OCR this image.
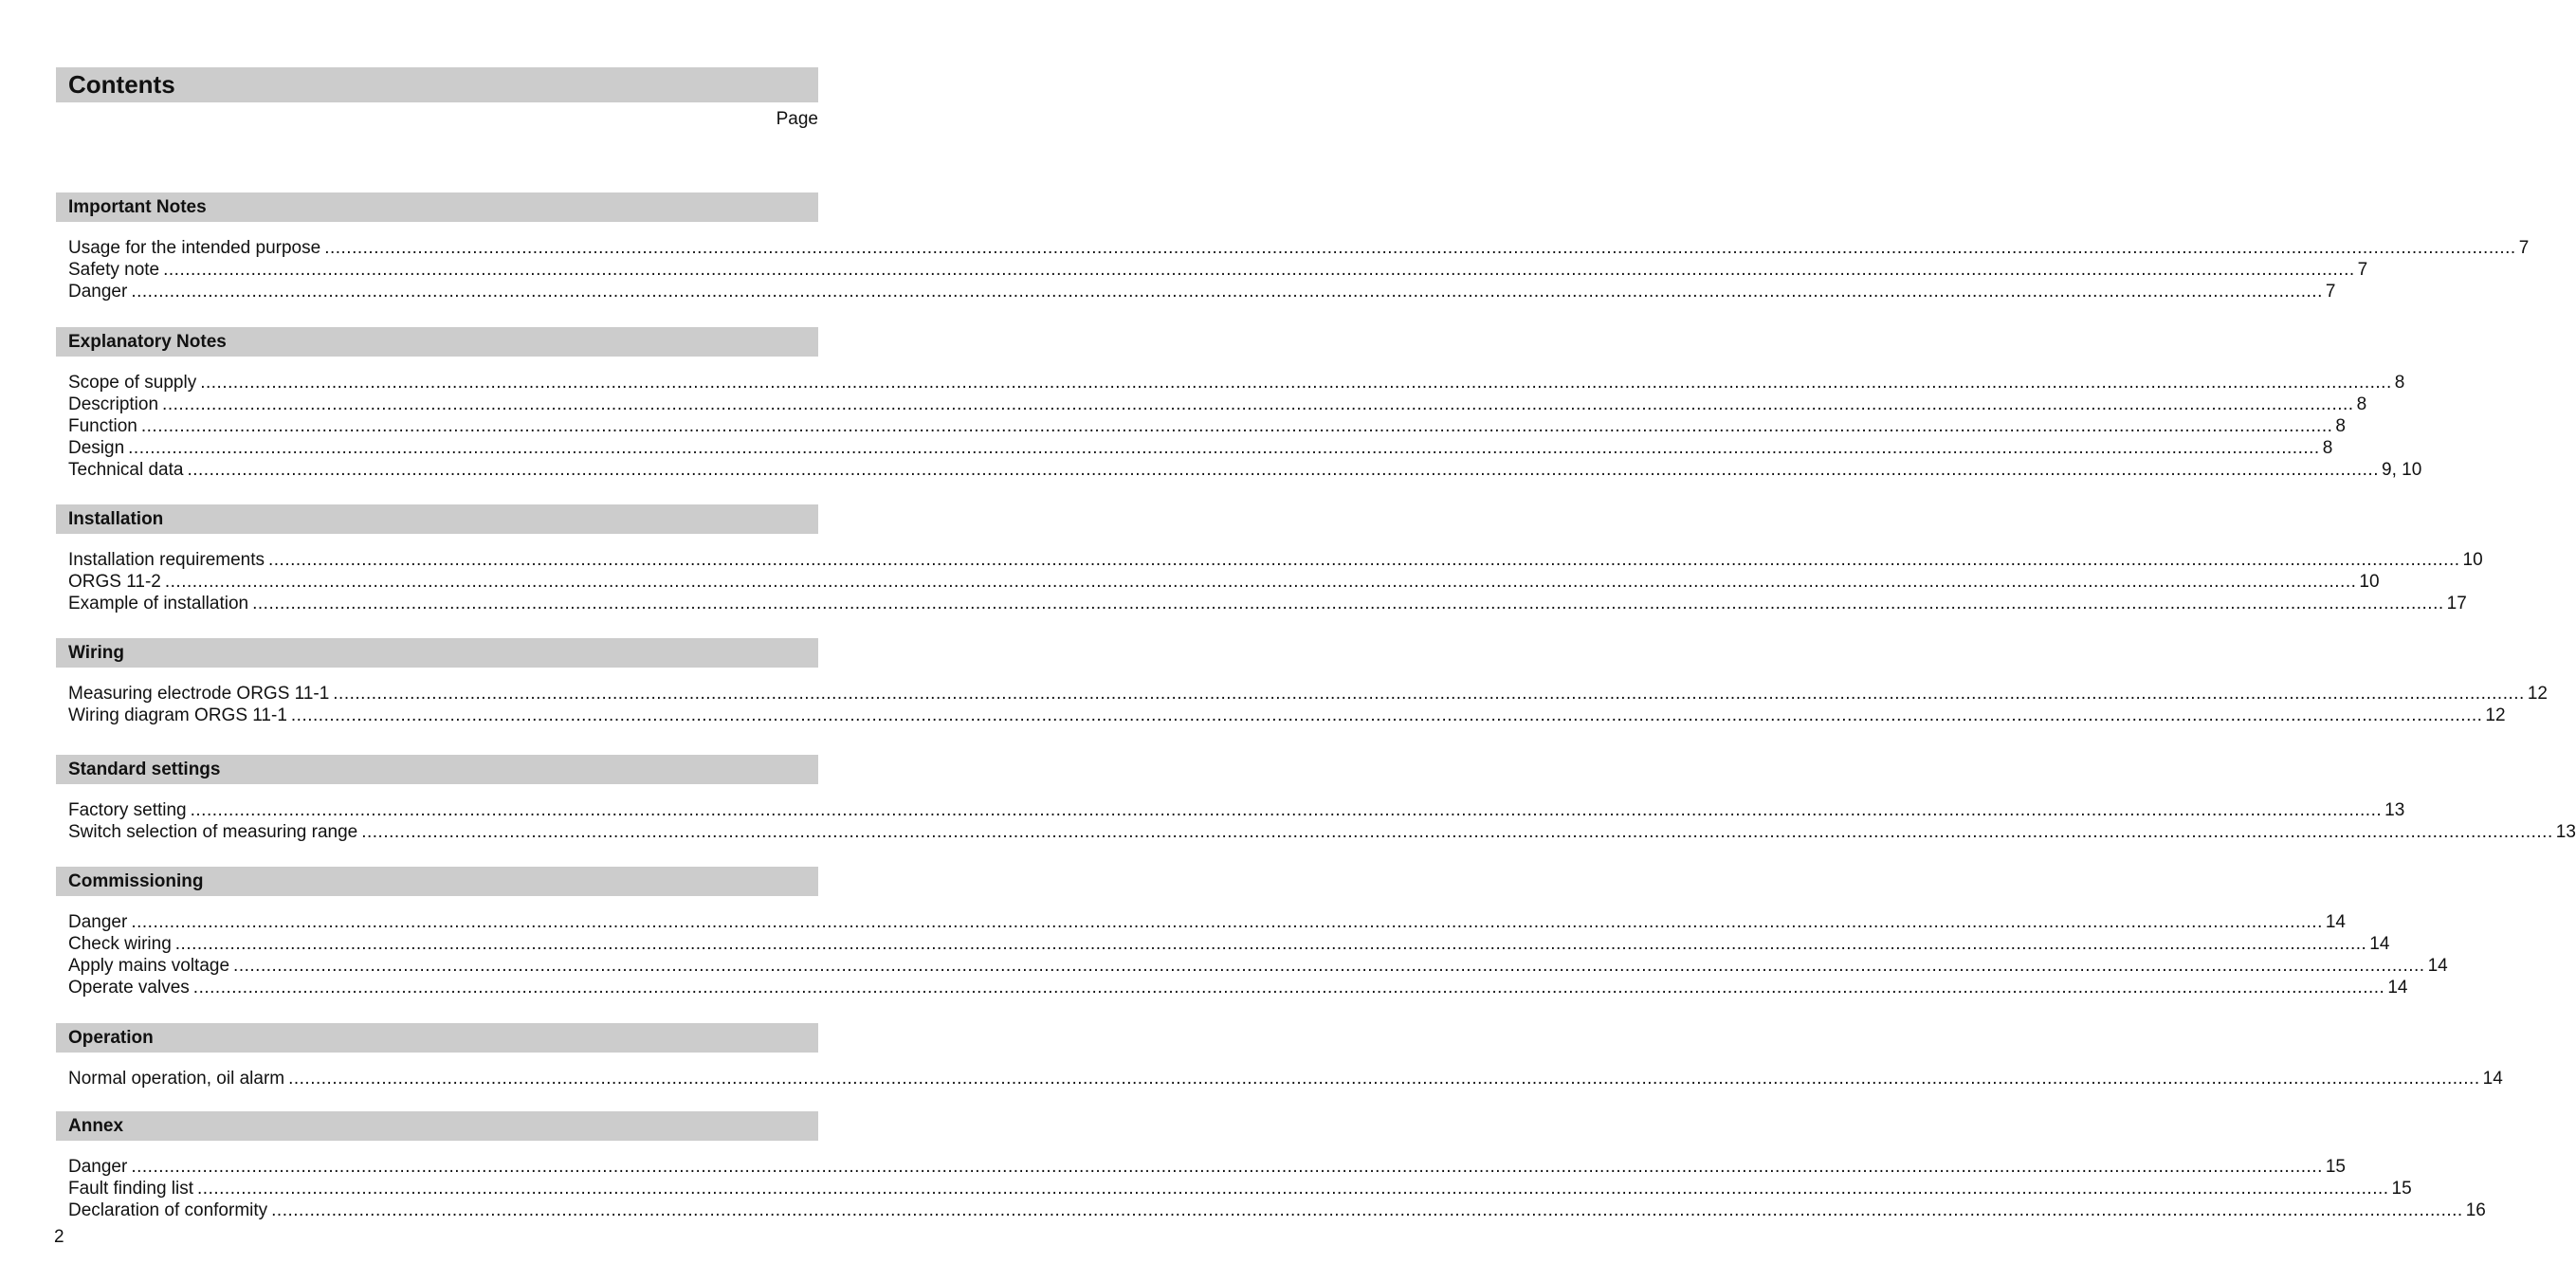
Contents
Page
Important Notes
Usage for the intended purpose ................................................................................................................................................................................................................................................................................................................................................................................................................ 7
Safety note ................................................................................................................................................................................................................................................................................................................................................................................................................ 7
Danger ................................................................................................................................................................................................................................................................................................................................................................................................................ 7
Explanatory Notes
Scope of supply ................................................................................................................................................................................................................................................................................................................................................................................................................ 8
Description ................................................................................................................................................................................................................................................................................................................................................................................................................ 8
Function ................................................................................................................................................................................................................................................................................................................................................................................................................ 8
Design ................................................................................................................................................................................................................................................................................................................................................................................................................ 8
Technical data ................................................................................................................................................................................................................................................................................................................................................................................................................ 9, 10
Installation
Installation requirements ................................................................................................................................................................................................................................................................................................................................................................................................................ 10
ORGS 11-2 ................................................................................................................................................................................................................................................................................................................................................................................................................ 10
Example of installation ................................................................................................................................................................................................................................................................................................................................................................................................................ 17
Wiring
Measuring electrode ORGS 11-1 ................................................................................................................................................................................................................................................................................................................................................................................................................ 12
Wiring diagram ORGS 11-1 ................................................................................................................................................................................................................................................................................................................................................................................................................ 12
Standard settings
Factory setting ................................................................................................................................................................................................................................................................................................................................................................................................................ 13
Switch selection of measuring range ................................................................................................................................................................................................................................................................................................................................................................................................................ 13
Commissioning
Danger ................................................................................................................................................................................................................................................................................................................................................................................................................ 14
Check wiring ................................................................................................................................................................................................................................................................................................................................................................................................................ 14
Apply mains voltage ................................................................................................................................................................................................................................................................................................................................................................................................................ 14
Operate valves ................................................................................................................................................................................................................................................................................................................................................................................................................ 14
Operation
Normal operation, oil alarm ................................................................................................................................................................................................................................................................................................................................................................................................................ 14
Annex
Danger ................................................................................................................................................................................................................................................................................................................................................................................................................ 15
Fault finding list ................................................................................................................................................................................................................................................................................................................................................................................................................ 15
Declaration of conformity ................................................................................................................................................................................................................................................................................................................................................................................................................ 16
2
